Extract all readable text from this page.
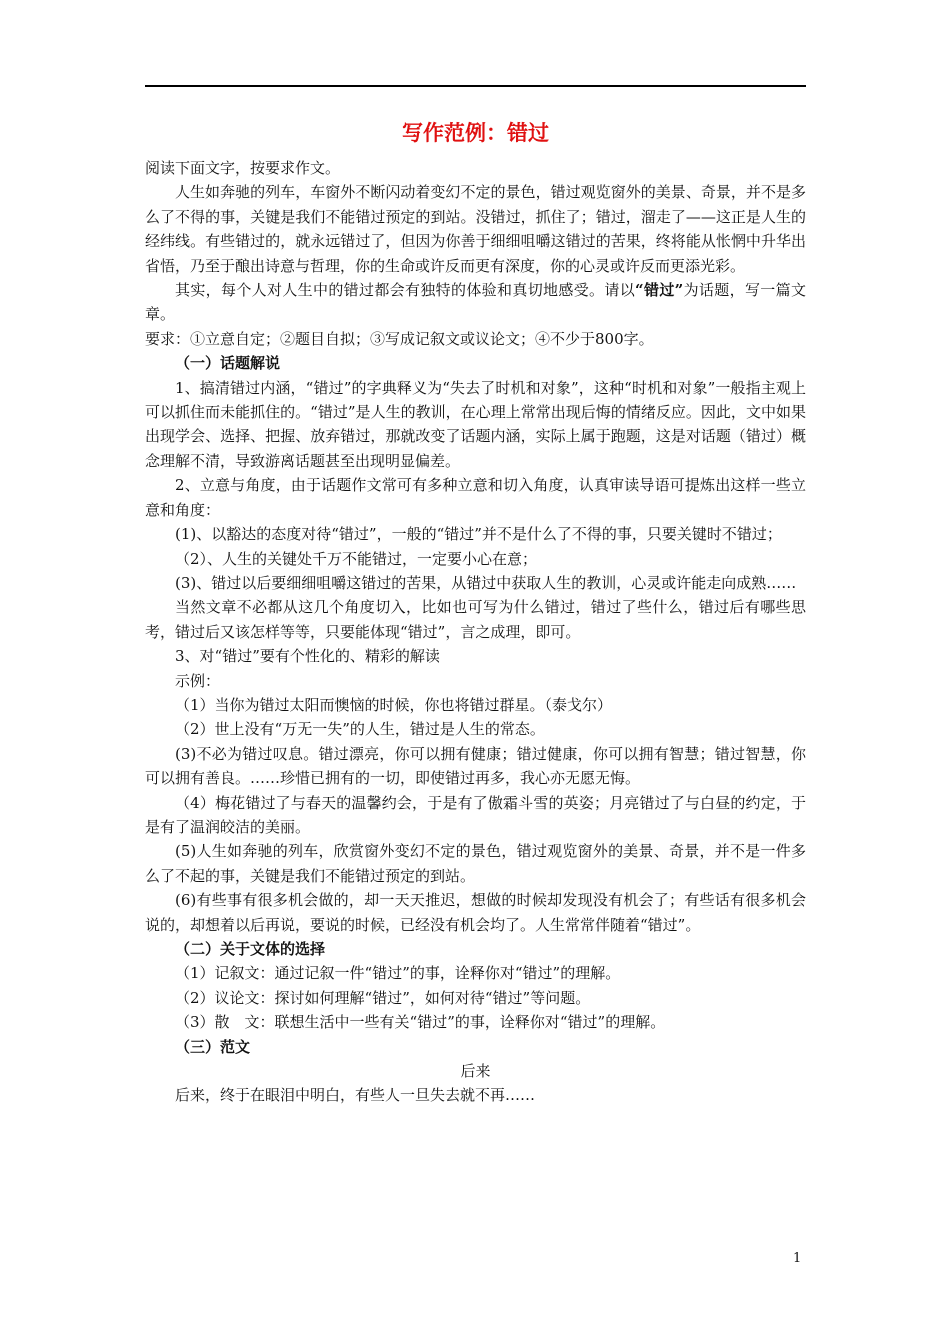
写作范例：错过

阅读下面文字，按要求作文。

人生如奔驰的列车，车窗外不断闪动着变幻不定的景色，错过观览窗外的美景、奇景，并不是多么了不得的事，关键是我们不能错过预定的到站。没错过，抓住了；错过，溜走了——这正是人生的经纬线。有些错过的，就永远错过了，但因为你善于细细咀嚼这错过的苦果，终将能从怅惘中升华出省悟，乃至于酿出诗意与哲理，你的生命或许反而更有深度，你的心灵或许反而更添光彩。

其实，每个人对人生中的错过都会有独特的体验和真切地感受。请以“错过”为话题，写一篇文章。

要求：①立意自定；②题目自拟；③写成记叙文或议论文；④不少于800字。

（一）话题解说

1、搞清错过内涵，“错过”的字典释义为“失去了时机和对象”，这种“时机和对象”一般指主观上可以抓住而未能抓住的。“错过”是人生的教训，在心理上常常出现后悔的情绪反应。因此，文中如果出现学会、选择、把握、放弃错过，那就改变了话题内涵，实际上属于跑题，这是对话题（错过）概念理解不清，导致游离话题甚至出现明显偏差。

2、立意与角度，由于话题作文常可有多种立意和切入角度，认真审读导语可提炼出这样一些立意和角度：

(1)、以豁达的态度对待“错过”，一般的“错过”并不是什么了不得的事，只要关键时不错过；

（2）、人生的关键处千万不能错过，一定要小心在意；

(3)、错过以后要细细咀嚼这错过的苦果，从错过中获取人生的教训，心灵或许能走向成熟……

当然文章不必都从这几个角度切入，比如也可写为什么错过，错过了些什么，错过后有哪些思考，错过后又该怎样等等，只要能体现“错过”，言之成理，即可。

3、对“错过”要有个性化的、精彩的解读

示例：

（1）当你为错过太阳而懊恼的时候，你也将错过群星。（泰戈尔）

（2）世上没有“万无一失”的人生，错过是人生的常态。

(3)不必为错过叹息。错过漂亮，你可以拥有健康；错过健康，你可以拥有智慧；错过智慧，你可以拥有善良。……珍惜已拥有的一切，即使错过再多，我心亦无愿无悔。

（4）梅花错过了与春天的温馨约会，于是有了傲霜斗雪的英姿；月亮错过了与白昼的约定，于是有了温润皎洁的美丽。

(5)人生如奔驰的列车，欣赏窗外变幻不定的景色，错过观览窗外的美景、奇景，并不是一件多么了不起的事，关键是我们不能错过预定的到站。

(6)有些事有很多机会做的，却一天天推迟，想做的时候却发现没有机会了；有些话有很多机会说的，却想着以后再说，要说的时候，已经没有机会均了。人生常常伴随着“错过”。

（二）关于文体的选择

（1）记叙文：通过记叙一件“错过”的事，诠释你对“错过”的理解。

（2）议论文：探讨如何理解“错过”，如何对待“错过”等问题。

（3）散　文：联想生活中一些有关“错过”的事，诠释你对“错过”的理解。

（三）范文

后来

后来，终于在眼泪中明白，有些人一旦失去就不再……

1
